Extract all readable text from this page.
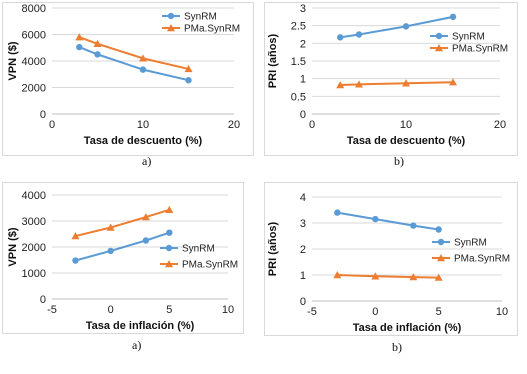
0
2000
4000
6000
8000
0	10	20
Tasa de descuento (%)
VPN ($)
SynRM
PMa.SynRM
a)
0
0.5
1
1.5
2
2.5
3
0	10	20
Tasa de descuento (%)
PRI (años)	SynRM
PMa.SynRM
b)
0
1000
2000
3000
4000
-5	0	5	10
Tasa de inflación (%)
VPN ($)	SynRM
PMa.SynRM
a)
0
1
2
3
4
-5	0	5	10
Tasa de inflación (%)
PRI (años)	SynRM
PMa.SynRM
b)
